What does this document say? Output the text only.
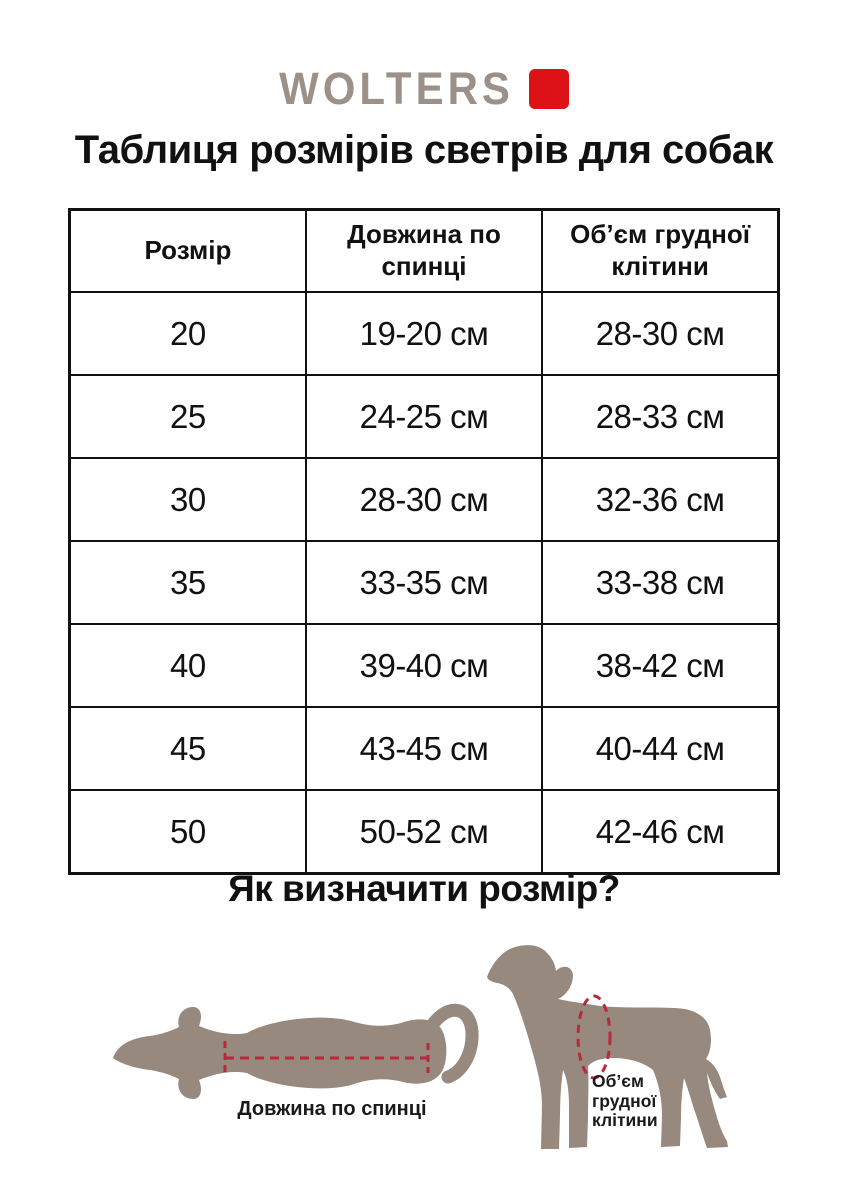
WOLTERS
Таблиця розмірів светрів для собак
Розмір	Довжина по спинці	Об’єм грудної клітини
20	19-20 см	28-30 см
25	24-25 см	28-33 см
30	28-30 см	32-36 см
35	33-35 см	33-38 см
40	39-40 см	38-42 см
45	43-45 см	40-44 см
50	50-52 см	42-46 см
Як визначити розмір?
Довжина по спинці
Об’єм
грудної
клітини
